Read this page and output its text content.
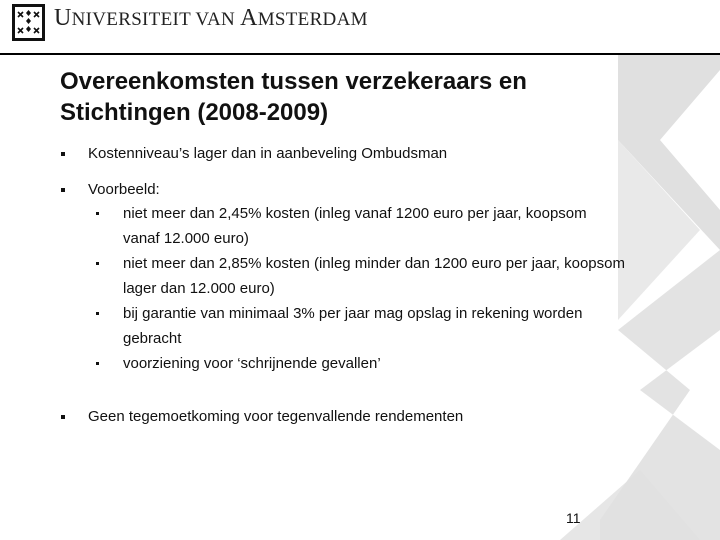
UNIVERSITEIT VAN AMSTERDAM
Overeenkomsten tussen verzekeraars en
Stichtingen (2008-2009)
Kostenniveau’s lager dan in aanbeveling Ombudsman
Voorbeeld:
niet meer dan 2,45% kosten (inleg vanaf 1200 euro per jaar, koopsom
vanaf 12.000 euro)
niet meer dan 2,85% kosten (inleg minder dan 1200 euro per jaar, koopsom
lager dan 12.000 euro)
bij garantie van minimaal 3% per jaar mag opslag in rekening worden
gebracht
voorziening voor ‘schrijnende gevallen’
Geen tegemoetkoming voor tegenvallende rendementen
11
